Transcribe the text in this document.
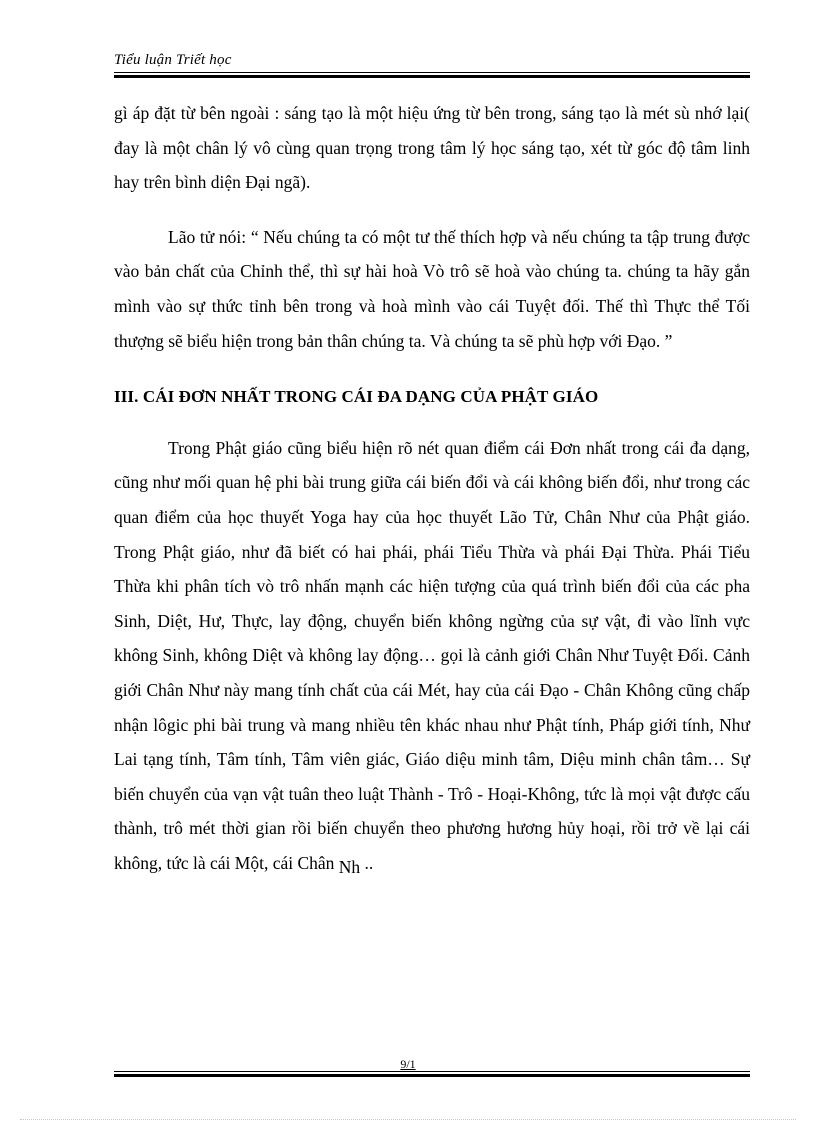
Tiểu luận Triết học

gì áp đặt từ bên ngoài : sáng tạo là một hiệu ứng từ bên trong, sáng tạo là mét sù nhớ lại( đay là một chân lý vô cùng quan trọng trong tâm lý học sáng tạo, xét từ góc độ tâm linh hay trên bình diện Đại ngã).

Lão tử nói: “ Nếu chúng ta có một tư thế thích hợp và nếu chúng ta tập trung được vào bản chất của Chỉnh thể, thì sự hài hoà Vò trô sẽ hoà vào chúng ta. chúng ta hãy gắn mình vào sự thức tỉnh bên trong và hoà mình vào cái Tuyệt đối. Thế thì Thực thể Tối thượng sẽ biểu hiện trong bản thân chúng ta. Và chúng ta sẽ phù hợp với Đạo. ”

III. CÁI ĐƠN NHẤT TRONG CÁI ĐA DẠNG CỦA PHẬT GIÁO

Trong Phật giáo cũng biểu hiện rõ nét quan điểm cái Đơn nhất trong cái đa dạng, cũng như mối quan hệ phi bài trung giữa cái biến đổi và cái không biến đổi, như trong các quan điểm của học thuyết Yoga hay của học thuyết Lão Tử, Chân Như của Phật giáo. Trong Phật giáo, như đã biết có hai phái, phái Tiểu Thừa và phái Đại Thừa. Phái Tiểu Thừa khi phân tích vò trô nhấn mạnh các hiện tượng của quá trình biến đổi của các pha Sinh, Diệt, Hư, Thực, lay động, chuyển biến không ngừng của sự vật, đi vào lĩnh vực không Sinh, không Diệt và không lay động… gọi là cảnh giới Chân Như Tuyệt Đối. Cảnh giới Chân Như này mang tính chất của cái Mét, hay của cái Đạo - Chân Không cũng chấp nhận lôgic phi bài trung và mang nhiều tên khác nhau như Phật tính, Pháp giới tính, Như Lai tạng tính, Tâm tính, Tâm viên giác, Giáo diệu minh tâm, Diệu minh chân tâm… Sự biến chuyển của vạn vật tuân theo luật Thành - Trô - Hoại-Không, tức là mọi vật được cấu thành, trô mét thời gian rồi biến chuyển theo phương hương hủy hoại, rồi trở về lại cái không, tức là cái Một, cái Chân Nh ..

9/1
